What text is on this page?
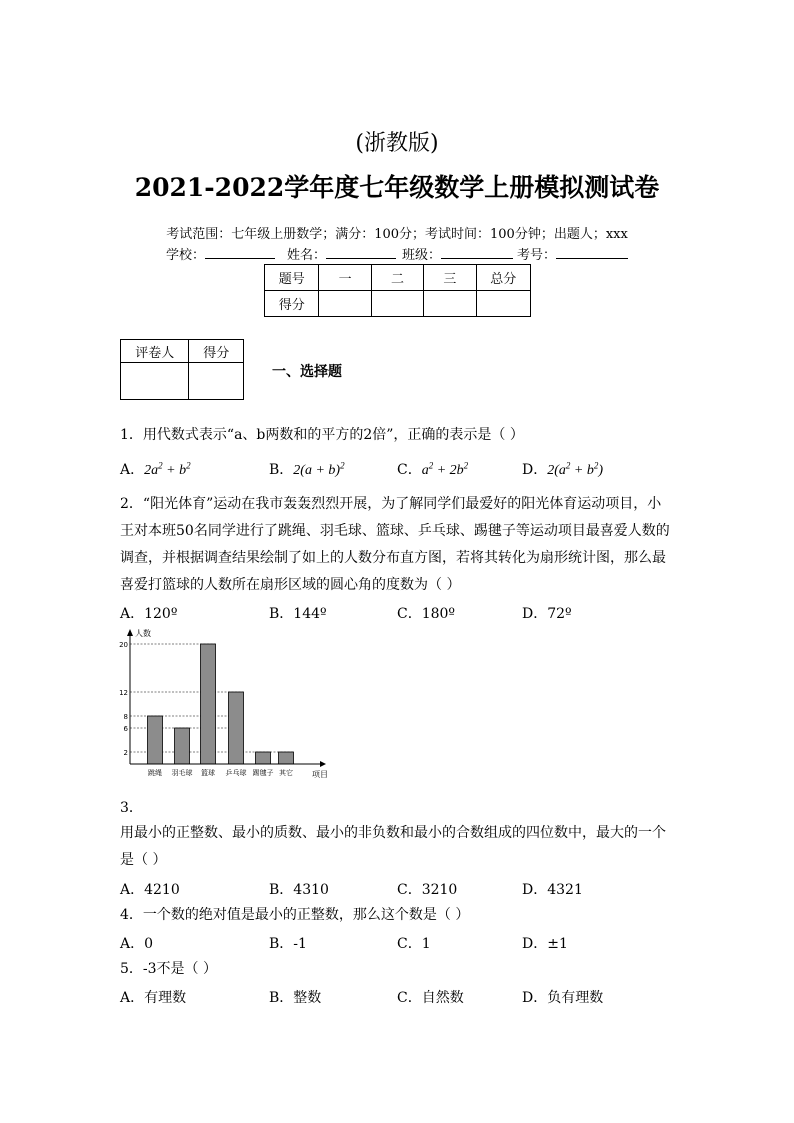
(浙教版)
2021-2022学年度七年级数学上册模拟测试卷
考试范围：七年级上册数学；满分：100分；考试时间：100分钟；出题人；xxx
学校：	姓名：	班级：	考号：
题号	一	二	三	总分
得分				
评卷人	得分

一、选择题
1．用代数式表示“a、b两数和的平方的2倍”，正确的表示是（ ）
A．$2a^2 + b^2$	B．$2(a + b)^2$	C．$a^2 + 2b^2$	D．$2(a^2 + b^2)$
2．“阳光体育”运动在我市轰轰烈烈开展，为了解同学们最爱好的阳光体育运动项目，小
王对本班50名同学进行了跳绳、羽毛球、篮球、乒乓球、踢毽子等运动项目最喜爱人数的
调查，并根据调查结果绘制了如上的人数分布直方图，若将其转化为扇形统计图，那么最
喜爱打篮球的人数所在扇形区域的圆心角的度数为（ ）
A．120º	B．144º	C．180º	D．72º
人数
项目
2
6
8
12
20
跳绳 羽毛球 篮球 乒乓球 踢毽子 其它
3．
用最小的正整数、最小的质数、最小的非负数和最小的合数组成的四位数中，最大的一个
是（ ）
A．4210	B．4310	C．3210	D．4321
4．一个数的绝对值是最小的正整数，那么这个数是（ ）
A．0	B．-1	C．1	D．±1
5．-3不是（ ）
A．有理数	B．整数	C．自然数	D．负有理数
